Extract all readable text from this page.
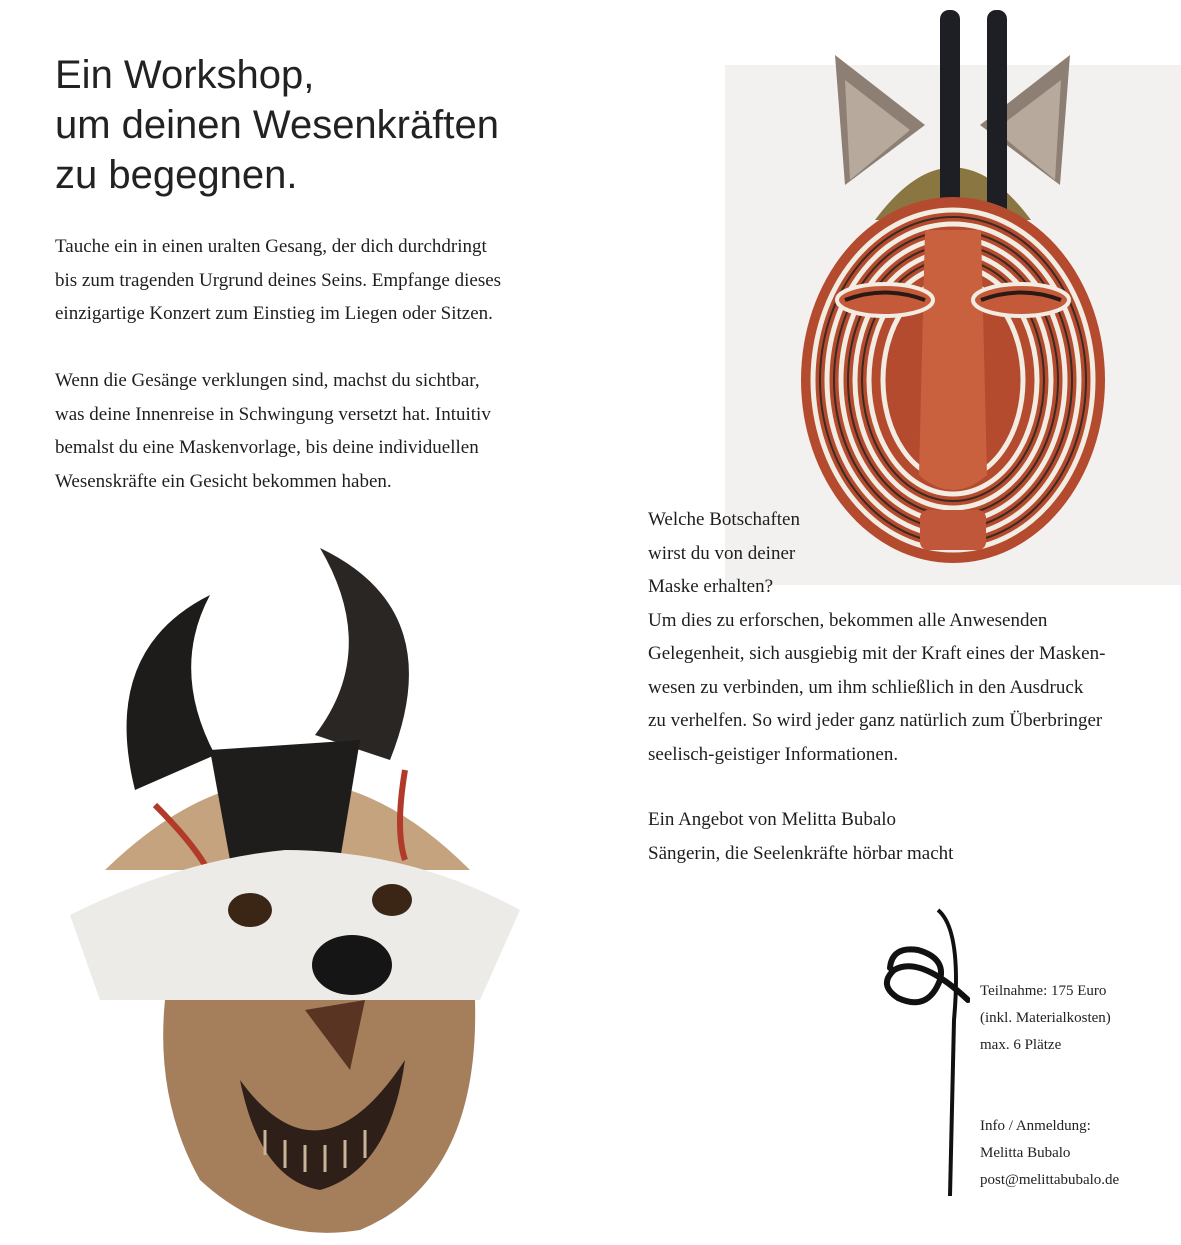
Ein Workshop,
um deinen Wesenkräften
zu begegnen.
Tauche ein in einen uralten Gesang, der dich durchdringt
bis zum tragenden Urgrund deines Seins. Empfange dieses
einzigartige Konzert zum Einstieg im Liegen oder Sitzen.
Wenn die Gesänge verklungen sind, machst du sichtbar,
was deine Innenreise in Schwingung versetzt hat. Intuitiv
bemalst du eine Maskenvorlage, bis deine individuellen
Wesenskräfte ein Gesicht bekommen haben.
Welche Botschaften
wirst du von deiner
Maske erhalten?
Um dies zu erforschen, bekommen alle Anwesenden
Gelegenheit, sich ausgiebig mit der Kraft eines der Masken-
wesen zu verbinden, um ihm schließlich in den Ausdruck
zu verhelfen. So wird jeder ganz natürlich zum Überbringer
seelisch-geistiger Informationen.
Ein Angebot von Melitta Bubalo
Sängerin, die Seelenkräfte hörbar macht
Teilnahme: 175 Euro
(inkl. Materialkosten)
max. 6 Plätze
Info / Anmeldung:
Melitta Bubalo
post@melittabubalo.de
